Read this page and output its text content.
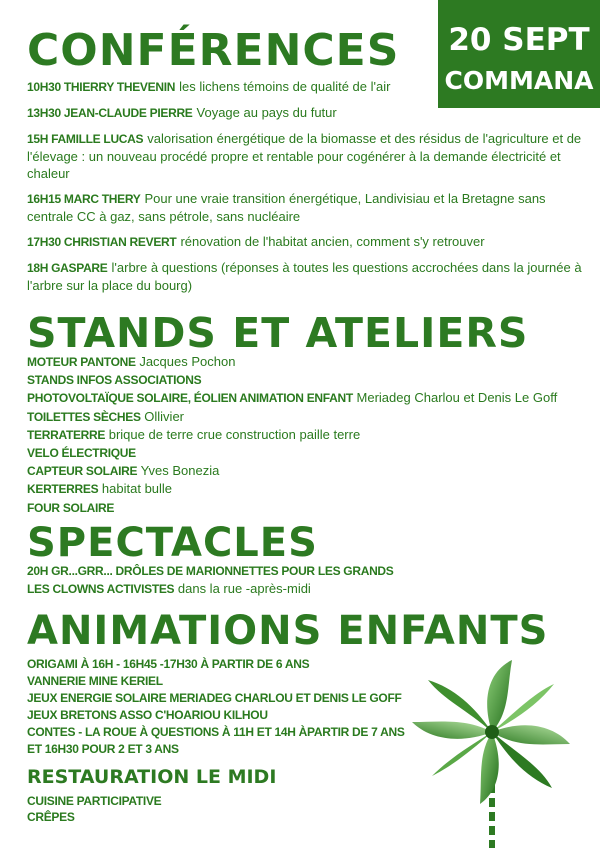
20 SEPT
COMMANA
CONFÉRENCES
10H30 THIERRY THEVENIN les lichens témoins de qualité de l'air
13H30 JEAN-CLAUDE PIERRE Voyage au pays du futur
15H FAMILLE LUCAS valorisation énergétique de la biomasse et des résidus de l'agriculture et de l'élevage : un nouveau procédé propre et rentable pour cogénérer à la demande électricité et chaleur
16H15 MARC THERY Pour une vraie transition énergétique, Landivisiau et la Bretagne sans centrale CC à gaz, sans pétrole, sans nucléaire
17H30 CHRISTIAN REVERT rénovation de l'habitat ancien, comment s'y retrouver
18H GASPARE l'arbre à questions (réponses à toutes les questions accrochées dans la journée à l'arbre sur la place du bourg)
STANDS ET ATELIERS
MOTEUR PANTONE Jacques Pochon
STANDS INFOS ASSOCIATIONS
PHOTOVOLTAÏQUE SOLAIRE, ÉOLIEN ANIMATION ENFANT Meriadeg Charlou et Denis Le Goff
TOILETTES SÈCHES Ollivier
TERRATERRE brique de terre crue construction paille terre
VELO ÉLECTRIQUE
CAPTEUR SOLAIRE Yves Bonezia
KERTERRES habitat bulle
FOUR SOLAIRE
SPECTACLES
20H GR...GRR... DRÔLES DE MARIONNETTES POUR LES GRANDS
LES CLOWNS ACTIVISTES dans la rue -après-midi
ANIMATIONS ENFANTS
ORIGAMI À 16H - 16H45 -17H30 À PARTIR DE 6 ANS
VANNERIE MINE KERIEL
JEUX ENERGIE SOLAIRE MERIADEG CHARLOU ET DENIS LE GOFF
JEUX BRETONS ASSO C'HOARIOU KILHOU
CONTES - LA ROUE À QUESTIONS À 11H ET 14H ÀPARTIR DE 7 ANS
ET 16H30 POUR 2 ET 3 ANS
RESTAURATION LE MIDI
CUISINE PARTICIPATIVE
CRÊPES
